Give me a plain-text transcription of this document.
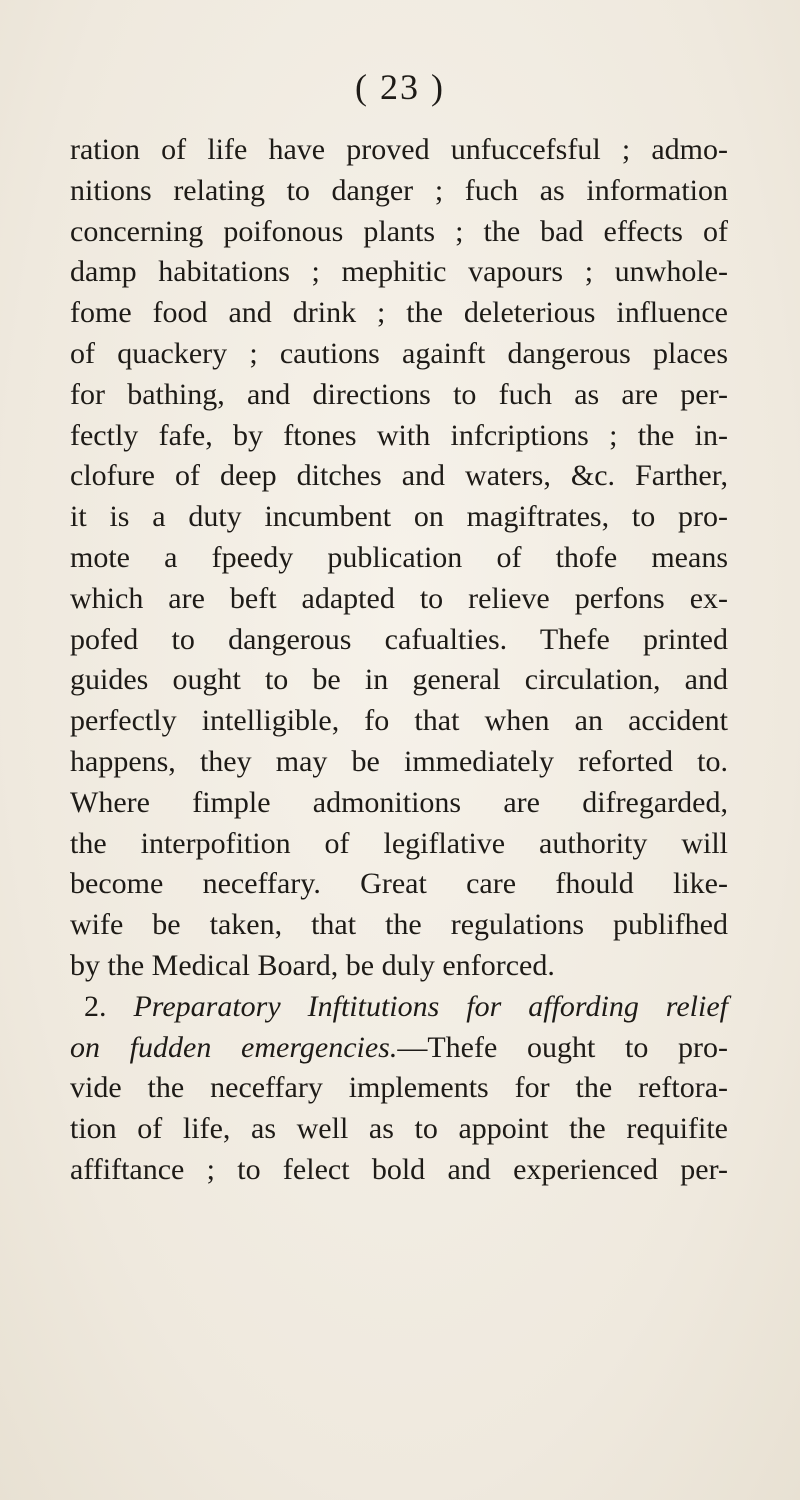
( 23 )
ration of life have proved unfuccefsful ; admo-
nitions relating to danger ; fuch as information
concerning poifonous plants ; the bad effects of
damp habitations ; mephitic vapours ; unwhole-
fome food and drink ; the deleterious influence
of quackery ; cautions againft dangerous places
for bathing, and directions to fuch as are per-
fectly fafe, by ftones with infcriptions ; the in-
clofure of deep ditches and waters, &c. Farther,
it is a duty incumbent on magiftrates, to pro-
mote a fpeedy publication of thofe means
which are beft adapted to relieve perfons ex-
pofed to dangerous cafualties. Thefe printed
guides ought to be in general circulation, and
perfectly intelligible, fo that when an accident
happens, they may be immediately reforted to.
Where fimple admonitions are difregarded,
the interpofition of legiflative authority will
become neceffary. Great care fhould like-
wife be taken, that the regulations publifhed
by the Medical Board, be duly enforced.
2. Preparatory Inftitutions for affording relief
on fudden emergencies.—Thefe ought to pro-
vide the neceffary implements for the reftora-
tion of life, as well as to appoint the requifite
affiftance ; to felect bold and experienced per-
